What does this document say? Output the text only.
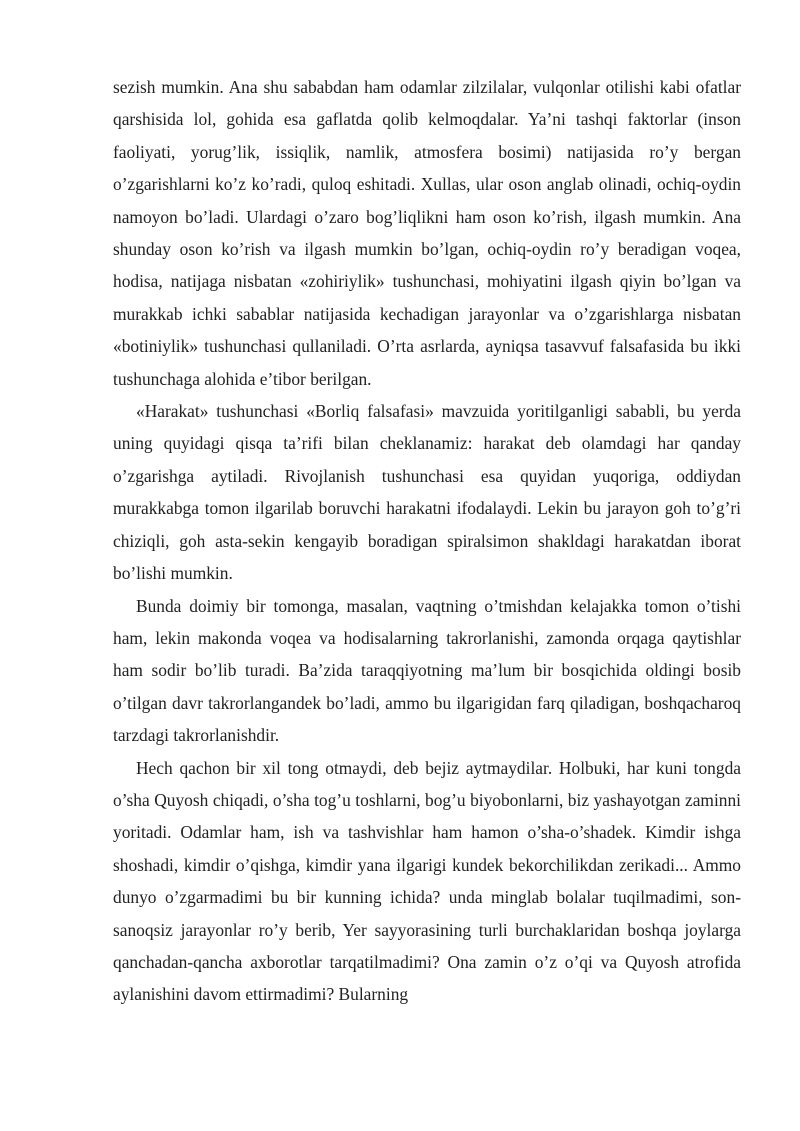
sezish mumkin. Ana shu sababdan ham odamlar zilzilalar, vulqonlar otilishi kabi ofatlar qarshisida lol, gohida esa gaflatda qolib kelmoqdalar. Ya’ni tashqi faktorlar (inson faoliyati, yorug’lik, issiqlik, namlik, atmosfera bosimi) natijasida ro’y bergan o’zgarishlarni ko’z ko’radi, quloq eshitadi. Xullas, ular oson anglab olinadi, ochiq-oydin namoyon bo’ladi. Ulardagi o’zaro bog’liqlikni ham oson ko’rish, ilgash mumkin. Ana shunday oson ko’rish va ilgash mumkin bo’lgan, ochiq-oydin ro’y beradigan voqea, hodisa, natijaga nisbatan «zohiriylik» tushunchasi, mohiyatini ilgash qiyin bo’lgan va murakkab ichki sabablar natijasida kechadigan jarayonlar va o’zgarishlarga nisbatan «botiniylik» tushunchasi qullaniladi. O’rta asrlarda, ayniqsa tasavvuf falsafasida bu ikki tushunchaga alohida e’tibor berilgan.

«Harakat» tushunchasi «Borliq falsafasi» mavzuida yoritilganligi sababli, bu yerda uning quyidagi qisqa ta’rifi bilan cheklanamiz: harakat deb olamdagi har qanday o’zgarishga aytiladi. Rivojlanish tushunchasi esa quyidan yuqoriga, oddiydan murakkabga tomon ilgarilab boruvchi harakatni ifodalaydi. Lekin bu jarayon goh to’g’ri chiziqli, goh asta-sekin kengayib boradigan spiralsimon shakldagi harakatdan iborat bo’lishi mumkin.

Bunda doimiy bir tomonga, masalan, vaqtning o’tmishdan kelajakka tomon o’tishi ham, lekin makonda voqea va hodisalarning takrorlanishi, zamonda orqaga qaytishlar ham sodir bo’lib turadi. Ba’zida taraqqiyotning ma’lum bir bosqichida oldingi bosib o’tilgan davr takrorlangandek bo’ladi, ammo bu ilgarigidan farq qiladigan, boshqacharoq tarzdagi takrorlanishdir.

Hech qachon bir xil tong otmaydi, deb bejiz aytmaydilar. Holbuki, har kuni tongda o’sha Quyosh chiqadi, o’sha tog’u toshlarni, bog’u biyobonlarni, biz yashayotgan zaminni yoritadi. Odamlar ham, ish va tashvishlar ham hamon o’sha-o’shadek. Kimdir ishga shoshadi, kimdir o’qishga, kimdir yana ilgarigi kundek bekorchilikdan zerikadi... Ammo dunyo o’zgarmadimi bu bir kunning ichida? unda minglab bolalar tuqilmadimi, son-sanoqsiz jarayonlar ro’y berib, Yer sayyorasining turli burchaklaridan boshqa joylarga qanchadan-qancha axborotlar tarqatilmadimi? Ona zamin o’z o’qi va Quyosh atrofida aylanishini davom ettirmadimi? Bularning
